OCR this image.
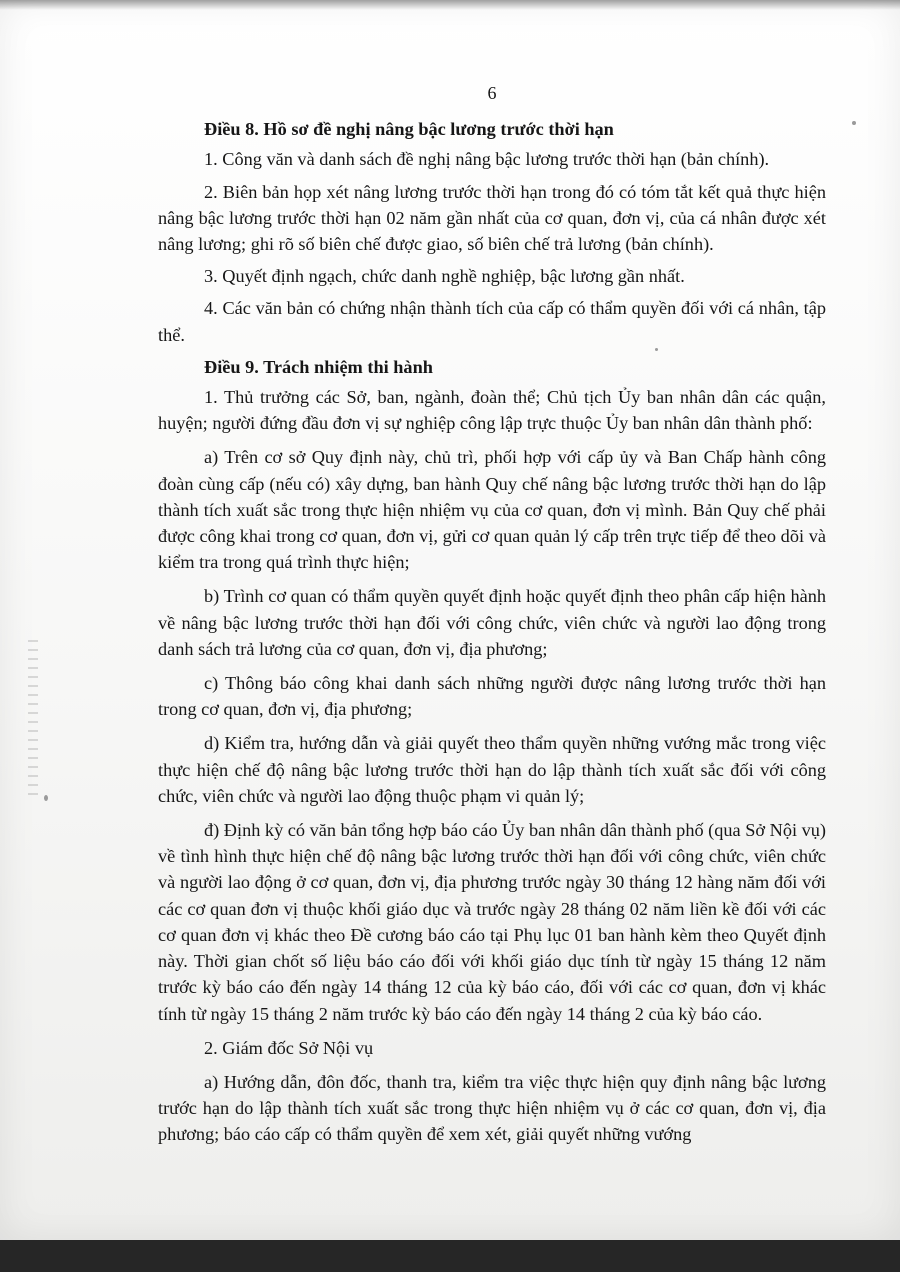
6
Điều 8. Hồ sơ đề nghị nâng bậc lương trước thời hạn

1. Công văn và danh sách đề nghị nâng bậc lương trước thời hạn (bản chính).

2. Biên bản họp xét nâng lương trước thời hạn trong đó có tóm tắt kết quả thực hiện nâng bậc lương trước thời hạn 02 năm gần nhất của cơ quan, đơn vị, của cá nhân được xét nâng lương; ghi rõ số biên chế được giao, số biên chế trả lương (bản chính).

3. Quyết định ngạch, chức danh nghề nghiệp, bậc lương gần nhất.

4. Các văn bản có chứng nhận thành tích của cấp có thẩm quyền đối với cá nhân, tập thể.

Điều 9. Trách nhiệm thi hành

1. Thủ trưởng các Sở, ban, ngành, đoàn thể; Chủ tịch Ủy ban nhân dân các quận, huyện; người đứng đầu đơn vị sự nghiệp công lập trực thuộc Ủy ban nhân dân thành phố:

a) Trên cơ sở Quy định này, chủ trì, phối hợp với cấp ủy và Ban Chấp hành công đoàn cùng cấp (nếu có) xây dựng, ban hành Quy chế nâng bậc lương trước thời hạn do lập thành tích xuất sắc trong thực hiện nhiệm vụ của cơ quan, đơn vị mình. Bản Quy chế phải được công khai trong cơ quan, đơn vị, gửi cơ quan quản lý cấp trên trực tiếp để theo dõi và kiểm tra trong quá trình thực hiện;

b) Trình cơ quan có thẩm quyền quyết định hoặc quyết định theo phân cấp hiện hành về nâng bậc lương trước thời hạn đối với công chức, viên chức và người lao động trong danh sách trả lương của cơ quan, đơn vị, địa phương;

c) Thông báo công khai danh sách những người được nâng lương trước thời hạn trong cơ quan, đơn vị, địa phương;

d) Kiểm tra, hướng dẫn và giải quyết theo thẩm quyền những vướng mắc trong việc thực hiện chế độ nâng bậc lương trước thời hạn do lập thành tích xuất sắc đối với công chức, viên chức và người lao động thuộc phạm vi quản lý;

đ) Định kỳ có văn bản tổng hợp báo cáo Ủy ban nhân dân thành phố (qua Sở Nội vụ) về tình hình thực hiện chế độ nâng bậc lương trước thời hạn đối với công chức, viên chức và người lao động ở cơ quan, đơn vị, địa phương trước ngày 30 tháng 12 hàng năm đối với các cơ quan đơn vị thuộc khối giáo dục và trước ngày 28 tháng 02 năm liền kề đối với các cơ quan đơn vị khác theo Đề cương báo cáo tại Phụ lục 01 ban hành kèm theo Quyết định này. Thời gian chốt số liệu báo cáo đối với khối giáo dục tính từ ngày 15 tháng 12 năm trước kỳ báo cáo đến ngày 14 tháng 12 của kỳ báo cáo, đối với các cơ quan, đơn vị khác tính từ ngày 15 tháng 2 năm trước kỳ báo cáo đến ngày 14 tháng 2 của kỳ báo cáo.

2. Giám đốc Sở Nội vụ

a) Hướng dẫn, đôn đốc, thanh tra, kiểm tra việc thực hiện quy định nâng bậc lương trước hạn do lập thành tích xuất sắc trong thực hiện nhiệm vụ ở các cơ quan, đơn vị, địa phương; báo cáo cấp có thẩm quyền để xem xét, giải quyết những vướng
